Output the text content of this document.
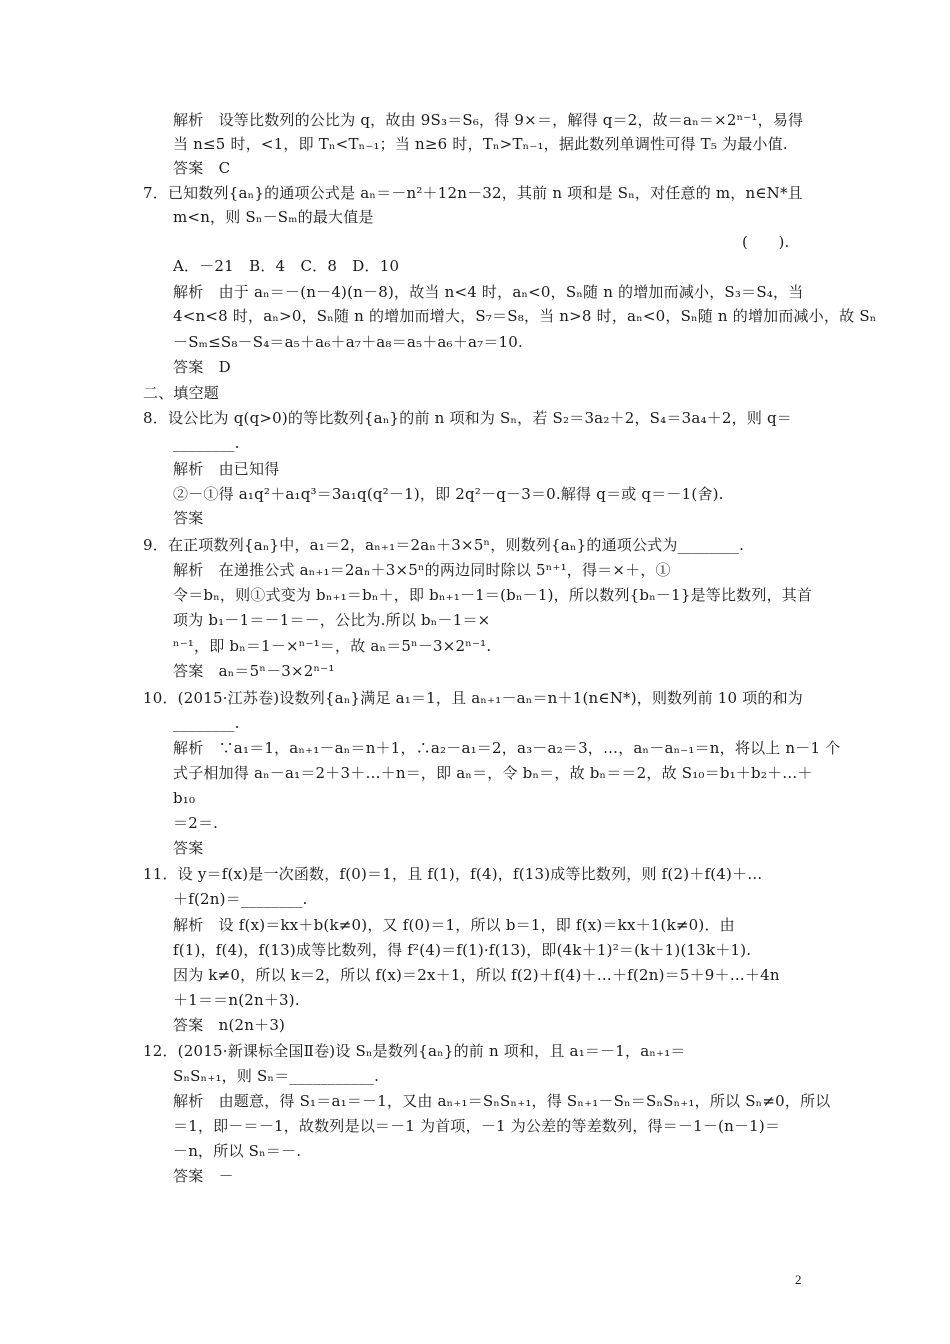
解析　设等比数列的公比为 q，故由 9S₃＝S₆，得 9×＝，解得 q＝2，故＝aₙ＝×2ⁿ⁻¹，易得
当 n≤5 时，<1，即 Tₙ<Tₙ₋₁；当 n≥6 时，Tₙ>Tₙ₋₁，据此数列单调性可得 T₅ 为最小值.
答案　C
7．已知数列{aₙ}的通项公式是 aₙ＝－n²＋12n－32，其前 n 项和是 Sₙ，对任意的 m，n∈N*且
m<n，则 Sₙ－Sₘ的最大值是
(　　).
A．－21　B．4　C．8　D．10
解析　由于 aₙ＝－(n－4)(n－8)，故当 n<4 时，aₙ<0，Sₙ随 n 的增加而减小，S₃＝S₄，当
4<n<8 时，aₙ>0，Sₙ随 n 的增加而增大，S₇＝S₈，当 n>8 时，aₙ<0，Sₙ随 n 的增加而减小，故 Sₙ
－Sₘ≤S₈－S₄＝a₅＋a₆＋a₇＋a₈＝a₅＋a₆＋a₇＝10.
答案　D
二、填空题
8．设公比为 q(q>0)的等比数列{aₙ}的前 n 项和为 Sₙ，若 S₂＝3a₂＋2，S₄＝3a₄＋2，则 q＝
________.
解析　由已知得
②－①得 a₁q²＋a₁q³＝3a₁q(q²－1)，即 2q²－q－3＝0.解得 q＝或 q＝－1(舍).
答案
9．在正项数列{aₙ}中，a₁＝2，aₙ₊₁＝2aₙ＋3×5ⁿ，则数列{aₙ}的通项公式为________.
解析　在递推公式 aₙ₊₁＝2aₙ＋3×5ⁿ的两边同时除以 5ⁿ⁺¹，得＝×＋，①
令＝bₙ，则①式变为 bₙ₊₁＝bₙ＋，即 bₙ₊₁－1＝(bₙ－1)，所以数列{bₙ－1}是等比数列，其首
项为 b₁－1＝－1＝－，公比为.所以 bₙ－1＝×
ⁿ⁻¹，即 bₙ＝1－×ⁿ⁻¹＝，故 aₙ＝5ⁿ－3×2ⁿ⁻¹.
答案　aₙ＝5ⁿ－3×2ⁿ⁻¹
10．(2015·江苏卷)设数列{aₙ}满足 a₁＝1，且 aₙ₊₁－aₙ＝n＋1(n∈N*)，则数列前 10 项的和为
________.
解析　∵a₁＝1，aₙ₊₁－aₙ＝n＋1，∴a₂－a₁＝2，a₃－a₂＝3，…，aₙ－aₙ₋₁＝n，将以上 n－1 个
式子相加得 aₙ－a₁＝2＋3＋…＋n＝，即 aₙ＝，令 bₙ＝，故 bₙ＝＝2，故 S₁₀＝b₁＋b₂＋…＋
b₁₀
＝2＝.
答案
11．设 y＝f(x)是一次函数，f(0)＝1，且 f(1)，f(4)，f(13)成等比数列，则 f(2)＋f(4)＋…
＋f(2n)＝________.
解析　设 f(x)＝kx＋b(k≠0)，又 f(0)＝1，所以 b＝1，即 f(x)＝kx＋1(k≠0)．由
f(1)，f(4)，f(13)成等比数列，得 f²(4)＝f(1)·f(13)，即(4k＋1)²＝(k＋1)(13k＋1).
因为 k≠0，所以 k＝2，所以 f(x)＝2x＋1，所以 f(2)＋f(4)＋…＋f(2n)＝5＋9＋…＋4n
＋1＝＝n(2n＋3).
答案　n(2n＋3)
12．(2015·新课标全国Ⅱ卷)设 Sₙ是数列{aₙ}的前 n 项和，且 a₁＝－1，aₙ₊₁＝
SₙSₙ₊₁，则 Sₙ＝___________.
解析　由题意，得 S₁＝a₁＝－1，又由 aₙ₊₁＝SₙSₙ₊₁，得 Sₙ₊₁－Sₙ＝SₙSₙ₊₁，所以 Sₙ≠0，所以
＝1，即－＝－1，故数列是以＝－1 为首项，－1 为公差的等差数列，得＝－1－(n－1)＝
－n，所以 Sₙ＝－.
答案　－
2
